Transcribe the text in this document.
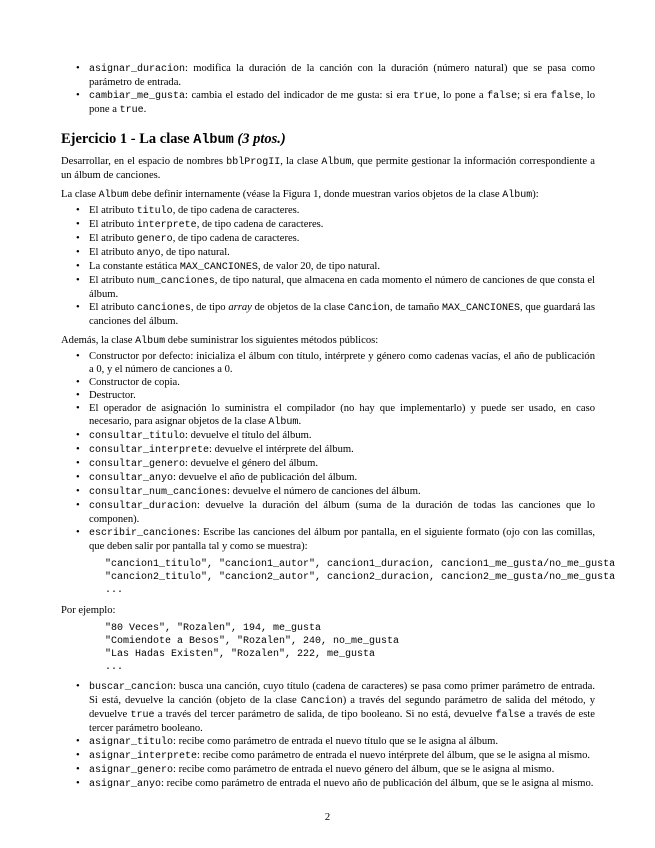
• asignar_duracion: modifica la duración de la canción con la duración (número natural) que se pasa como parámetro de entrada.
• cambiar_me_gusta: cambia el estado del indicador de me gusta: si era true, lo pone a false; si era false, lo pone a true.
Ejercicio 1 - La clase Album (3 ptos.)

Desarrollar, en el espacio de nombres bblProgII, la clase Album, que permite gestionar la información correspondiente a un álbum de canciones.

La clase Album debe definir internamente (véase la Figura 1, donde muestran varios objetos de la clase Album):

• El atributo titulo, de tipo cadena de caracteres.
• El atributo interprete, de tipo cadena de caracteres.
• El atributo genero, de tipo cadena de caracteres.
• El atributo anyo, de tipo natural.
• La constante estática MAX_CANCIONES, de valor 20, de tipo natural.
• El atributo num_canciones, de tipo natural, que almacena en cada momento el número de canciones de que consta el álbum.
• El atributo canciones, de tipo array de objetos de la clase Cancion, de tamaño MAX_CANCIONES, que guardará las canciones del álbum.

Además, la clase Album debe suministrar los siguientes métodos públicos:

• Constructor por defecto: inicializa el álbum con título, intérprete y género como cadenas vacías, el año de publicación a 0, y el número de canciones a 0.
• Constructor de copia.
• Destructor.
• El operador de asignación lo suministra el compilador (no hay que implementarlo) y puede ser usado, en caso necesario, para asignar objetos de la clase Album.
• consultar_titulo: devuelve el título del álbum.
• consultar_interprete: devuelve el intérprete del álbum.
• consultar_genero: devuelve el género del álbum.
• consultar_anyo: devuelve el año de publicación del álbum.
• consultar_num_canciones: devuelve el número de canciones del álbum.
• consultar_duracion: devuelve la duración del álbum (suma de la duración de todas las canciones que lo componen).
• escribir_canciones: Escribe las canciones del álbum por pantalla, en el siguiente formato (ojo con las comillas, que deben salir por pantalla tal y como se muestra):
"cancion1_titulo", "cancion1_autor", cancion1_duracion, cancion1_me_gusta/no_me_gusta
"cancion2_titulo", "cancion2_autor", cancion2_duracion, cancion2_me_gusta/no_me_gusta
...

Por ejemplo:

"80 Veces", "Rozalen", 194, me_gusta
"Comiendote a Besos", "Rozalen", 240, no_me_gusta
"Las Hadas Existen", "Rozalen", 222, me_gusta
...
• buscar_cancion: busca una canción, cuyo título (cadena de caracteres) se pasa como primer parámetro de entrada. Si está, devuelve la canción (objeto de la clase Cancion) a través del segundo parámetro de salida del método, y devuelve true a través del tercer parámetro de salida, de tipo booleano. Si no está, devuelve false a través de este tercer parámetro booleano.
• asignar_titulo: recibe como parámetro de entrada el nuevo título que se le asigna al álbum.
• asignar_interprete: recibe como parámetro de entrada el nuevo intérprete del álbum, que se le asigna al mismo.
• asignar_genero: recibe como parámetro de entrada el nuevo género del álbum, que se le asigna al mismo.
• asignar_anyo: recibe como parámetro de entrada el nuevo año de publicación del álbum, que se le asigna al mismo.
2
